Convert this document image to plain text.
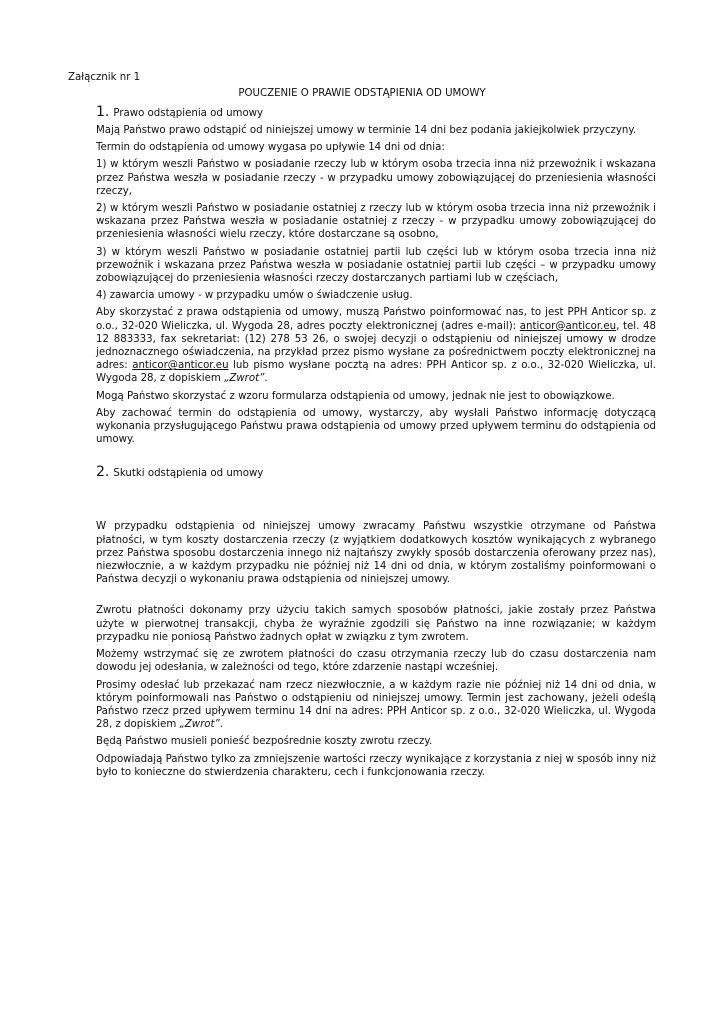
Załącznik nr 1
POUCZENIE O PRAWIE ODSTĄPIENIA OD UMOWY
1. Prawo odstąpienia od umowy

Mają Państwo prawo odstąpić od niniejszej umowy w terminie 14 dni bez podania jakiejkolwiek przyczyny.

Termin do odstąpienia od umowy wygasa po upływie 14 dni od dnia:

1) w którym weszli Państwo w posiadanie rzeczy lub w którym osoba trzecia inna niż przewoźnik i wskazana przez Państwa weszła w posiadanie rzeczy - w przypadku umowy zobowiązującej do przeniesienia własności rzeczy,

2) w którym weszli Państwo w posiadanie ostatniej z rzeczy lub w którym osoba trzecia inna niż przewoźnik i wskazana przez Państwa weszła w posiadanie ostatniej z rzeczy - w przypadku umowy zobowiązującej do przeniesienia własności wielu rzeczy, które dostarczane są osobno,

3) w którym weszli Państwo w posiadanie ostatniej partii lub części lub w którym osoba trzecia inna niż przewoźnik i wskazana przez Państwa weszła w posiadanie ostatniej partii lub części – w przypadku umowy zobowiązującej do przeniesienia własności rzeczy dostarczanych partiami lub w częściach,

4) zawarcia umowy - w przypadku umów o świadczenie usług.

Aby skorzystać z prawa odstąpienia od umowy, muszą Państwo poinformować nas, to jest PPH Anticor sp. z o.o., 32-020 Wieliczka, ul. Wygoda 28, adres poczty elektronicznej (adres e-mail): anticor@anticor.eu, tel. 48 12 883333, fax sekretariat: (12) 278 53 26, o swojej decyzji o odstąpieniu od niniejszej umowy w drodze jednoznacznego oświadczenia, na przykład przez pismo wysłane za pośrednictwem poczty elektronicznej na adres: anticor@anticor.eu lub pismo wysłane pocztą na adres: PPH Anticor sp. z o.o., 32-020 Wieliczka, ul. Wygoda 28, z dopiskiem „Zwrot”.

Mogą Państwo skorzystać z wzoru formularza odstąpienia od umowy, jednak nie jest to obowiązkowe.

Aby zachować termin do odstąpienia od umowy, wystarczy, aby wysłali Państwo informację dotyczącą wykonania przysługującego Państwu prawa odstąpienia od umowy przed upływem terminu do odstąpienia od umowy.

2. Skutki odstąpienia od umowy

W przypadku odstąpienia od niniejszej umowy zwracamy Państwu wszystkie otrzymane od Państwa płatności, w tym koszty dostarczenia rzeczy (z wyjątkiem dodatkowych kosztów wynikających z wybranego przez Państwa sposobu dostarczenia innego niż najtańszy zwykły sposób dostarczenia oferowany przez nas), niezwłocznie, a w każdym przypadku nie później niż 14 dni od dnia, w którym zostaliśmy poinformowani o Państwa decyzji o wykonaniu prawa odstąpienia od niniejszej umowy.

Zwrotu płatności dokonamy przy użyciu takich samych sposobów płatności, jakie zostały przez Państwa użyte w pierwotnej transakcji, chyba że wyraźnie zgodzili się Państwo na inne rozwiązanie; w każdym przypadku nie poniosą Państwo żadnych opłat w związku z tym zwrotem.

Możemy wstrzymać się ze zwrotem płatności do czasu otrzymania rzeczy lub do czasu dostarczenia nam dowodu jej odesłania, w zależności od tego, które zdarzenie nastąpi wcześniej.

Prosimy odesłać lub przekazać nam rzecz niezwłocznie, a w każdym razie nie później niż 14 dni od dnia, w którym poinformowali nas Państwo o odstąpieniu od niniejszej umowy. Termin jest zachowany, jeżeli odeślą Państwo rzecz przed upływem terminu 14 dni na adres: PPH Anticor sp. z o.o., 32-020 Wieliczka, ul. Wygoda 28, z dopiskiem „Zwrot”.

Będą Państwo musieli ponieść bezpośrednie koszty zwrotu rzeczy.

Odpowiadają Państwo tylko za zmniejszenie wartości rzeczy wynikające z korzystania z niej w sposób inny niż było to konieczne do stwierdzenia charakteru, cech i funkcjonowania rzeczy.
